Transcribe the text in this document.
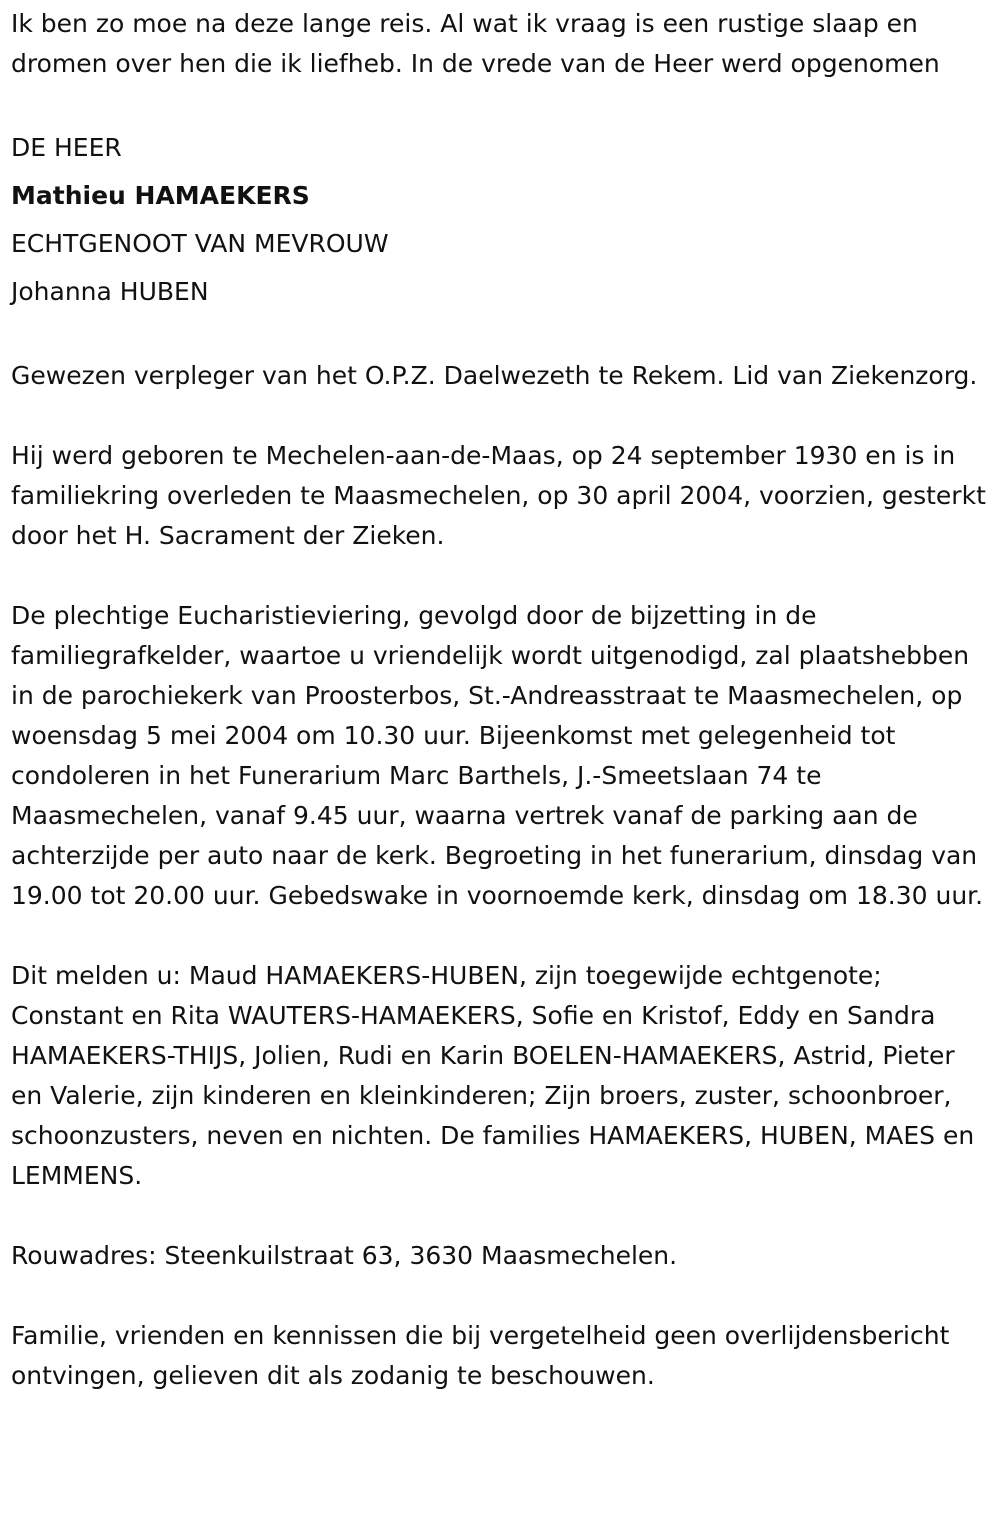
Ik ben zo moe na deze lange reis. Al wat ik vraag is een rustige slaap en dromen over hen die ik liefheb. In de vrede van de Heer werd opgenomen

DE HEER

Mathieu HAMAEKERS

ECHTGENOOT VAN MEVROUW

Johanna HUBEN

Gewezen verpleger van het O.P.Z. Daelwezeth te Rekem. Lid van Ziekenzorg.

Hij werd geboren te Mechelen-aan-de-Maas, op 24 september 1930 en is in familiekring overleden te Maasmechelen, op 30 april 2004, voorzien, gesterkt door het H. Sacrament der Zieken.

De plechtige Eucharistieviering, gevolgd door de bijzetting in de familiegrafkelder, waartoe u vriendelijk wordt uitgenodigd, zal plaatshebben in de parochiekerk van Proosterbos, St.-Andreasstraat te Maasmechelen, op woensdag 5 mei 2004 om 10.30 uur. Bijeenkomst met gelegenheid tot condoleren in het Funerarium Marc Barthels, J.-Smeetslaan 74 te Maasmechelen, vanaf 9.45 uur, waarna vertrek vanaf de parking aan de achterzijde per auto naar de kerk. Begroeting in het funerarium, dinsdag van 19.00 tot 20.00 uur. Gebedswake in voornoemde kerk, dinsdag om 18.30 uur.

Dit melden u: Maud HAMAEKERS-HUBEN, zijn toegewijde echtgenote; Constant en Rita WAUTERS-HAMAEKERS, Sofie en Kristof, Eddy en Sandra HAMAEKERS-THIJS, Jolien, Rudi en Karin BOELEN-HAMAEKERS, Astrid, Pieter en Valerie, zijn kinderen en kleinkinderen; Zijn broers, zuster, schoonbroer, schoonzusters, neven en nichten. De families HAMAEKERS, HUBEN, MAES en LEMMENS.

Rouwadres: Steenkuilstraat 63, 3630 Maasmechelen.

Familie, vrienden en kennissen die bij vergetelheid geen overlijdensbericht ontvingen, gelieven dit als zodanig te beschouwen.
